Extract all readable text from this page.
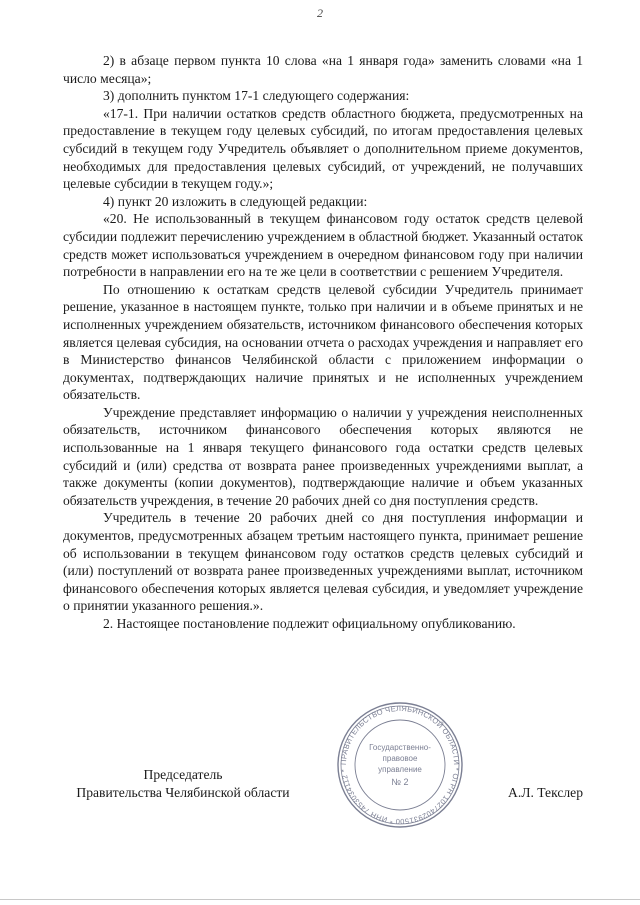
2

2) в абзаце первом пункта 10 слова «на 1 января года» заменить словами «на 1 число месяца»;

3) дополнить пунктом 17-1 следующего содержания:

«17-1. При наличии остатков средств областного бюджета, предусмотренных на предоставление в текущем году целевых субсидий, по итогам предоставления целевых субсидий в текущем году Учредитель объявляет о дополнительном приеме документов, необходимых для предоставления целевых субсидий, от учреждений, не получавших целевые субсидии в текущем году.»;

4) пункт 20 изложить в следующей редакции:

«20. Не использованный в текущем финансовом году остаток средств целевой субсидии подлежит перечислению учреждением в областной бюджет. Указанный остаток средств может использоваться учреждением в очередном финансовом году при наличии потребности в направлении его на те же цели в соответствии с решением Учредителя.

По отношению к остаткам средств целевой субсидии Учредитель принимает решение, указанное в настоящем пункте, только при наличии и в объеме принятых и не исполненных учреждением обязательств, источником финансового обеспечения которых является целевая субсидия, на основании отчета о расходах учреждения и направляет его в Министерство финансов Челябинской области с приложением информации о документах, подтверждающих наличие принятых и не исполненных учреждением обязательств.

Учреждение представляет информацию о наличии у учреждения неисполненных обязательств, источником финансового обеспечения которых являются не использованные на 1 января текущего финансового года остатки средств целевых субсидий и (или) средства от возврата ранее произведенных учреждениями выплат, а также документы (копии документов), подтверждающие наличие и объем указанных обязательств учреждения, в течение 20 рабочих дней со дня поступления средств.

Учредитель в течение 20 рабочих дней со дня поступления информации и документов, предусмотренных абзацем третьим настоящего пункта, принимает решение об использовании в текущем финансовом году остатков средств целевых субсидий и (или) поступлений от возврата ранее произведенных учреждениями выплат, источником финансового обеспечения которых является целевая субсидия, и уведомляет учреждение о принятии указанного решения.».

2. Настоящее постановление подлежит официальному опубликованию.

ПРАВИТЕЛЬСТВО ЧЕЛЯБИНСКОЙ ОБЛАСТИ * ОГРН 1027402931500 * ИНН 7453034112 *
Государственно-
правовое
управление
№ 2
Председатель
Правительства Челябинской области	А.Л. Текслер
